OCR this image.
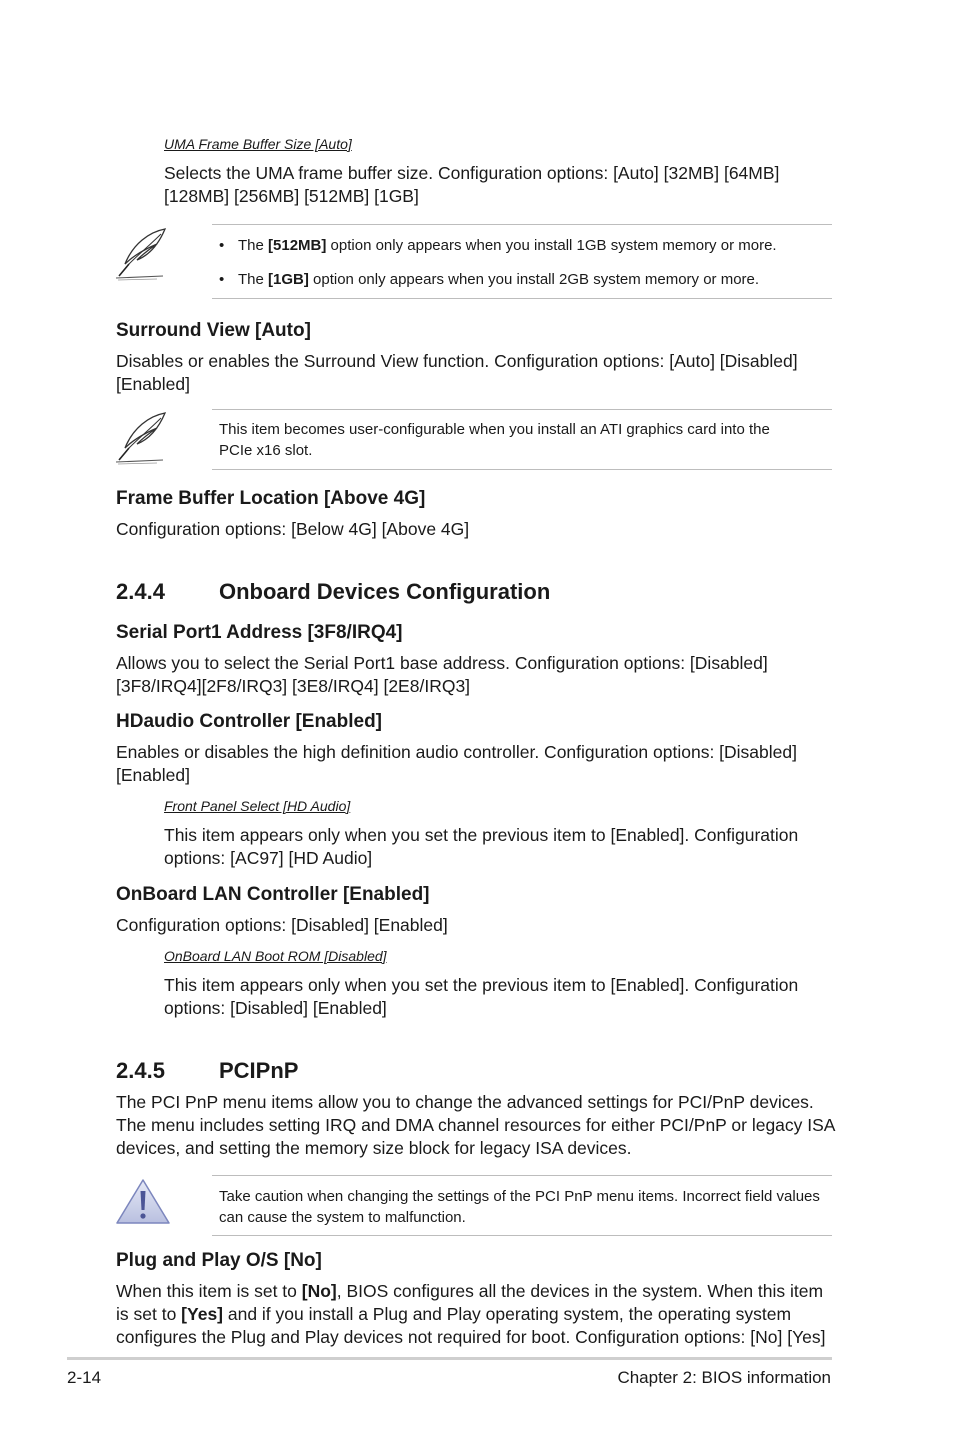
UMA Frame Buffer Size [Auto]
Selects the UMA frame buffer size. Configuration options: [Auto] [32MB] [64MB]
[128MB] [256MB] [512MB] [1GB]
• The [512MB] option only appears when you install 1GB system memory or more.
• The [1GB] option only appears when you install 2GB system memory or more.
Surround View [Auto]
Disables or enables the Surround View function. Configuration options: [Auto] [Disabled]
[Enabled]
This item becomes user-configurable when you install an ATI graphics card into the
PCIe x16 slot.
Frame Buffer Location [Above 4G]
Configuration options: [Below 4G] [Above 4G]
2.4.4 Onboard Devices Configuration
Serial Port1 Address [3F8/IRQ4]
Allows you to select the Serial Port1 base address. Configuration options: [Disabled]
[3F8/IRQ4][2F8/IRQ3] [3E8/IRQ4] [2E8/IRQ3]
HDaudio Controller [Enabled]
Enables or disables the high definition audio controller. Configuration options: [Disabled]
[Enabled]
Front Panel Select [HD Audio]
This item appears only when you set the previous item to [Enabled]. Configuration
options: [AC97] [HD Audio]
OnBoard LAN Controller [Enabled]
Configuration options: [Disabled] [Enabled]
OnBoard LAN Boot ROM [Disabled]
This item appears only when you set the previous item to [Enabled]. Configuration
options: [Disabled] [Enabled]
2.4.5 PCIPnP
The PCI PnP menu items allow you to change the advanced settings for PCI/PnP devices.
The menu includes setting IRQ and DMA channel resources for either PCI/PnP or legacy ISA
devices, and setting the memory size block for legacy ISA devices.
Take caution when changing the settings of the PCI PnP menu items. Incorrect field values
can cause the system to malfunction.
Plug and Play O/S [No]
When this item is set to [No], BIOS configures all the devices in the system. When this item
is set to [Yes] and if you install a Plug and Play operating system, the operating system
configures the Plug and Play devices not required for boot. Configuration options: [No] [Yes]
2-14	Chapter 2: BIOS information
